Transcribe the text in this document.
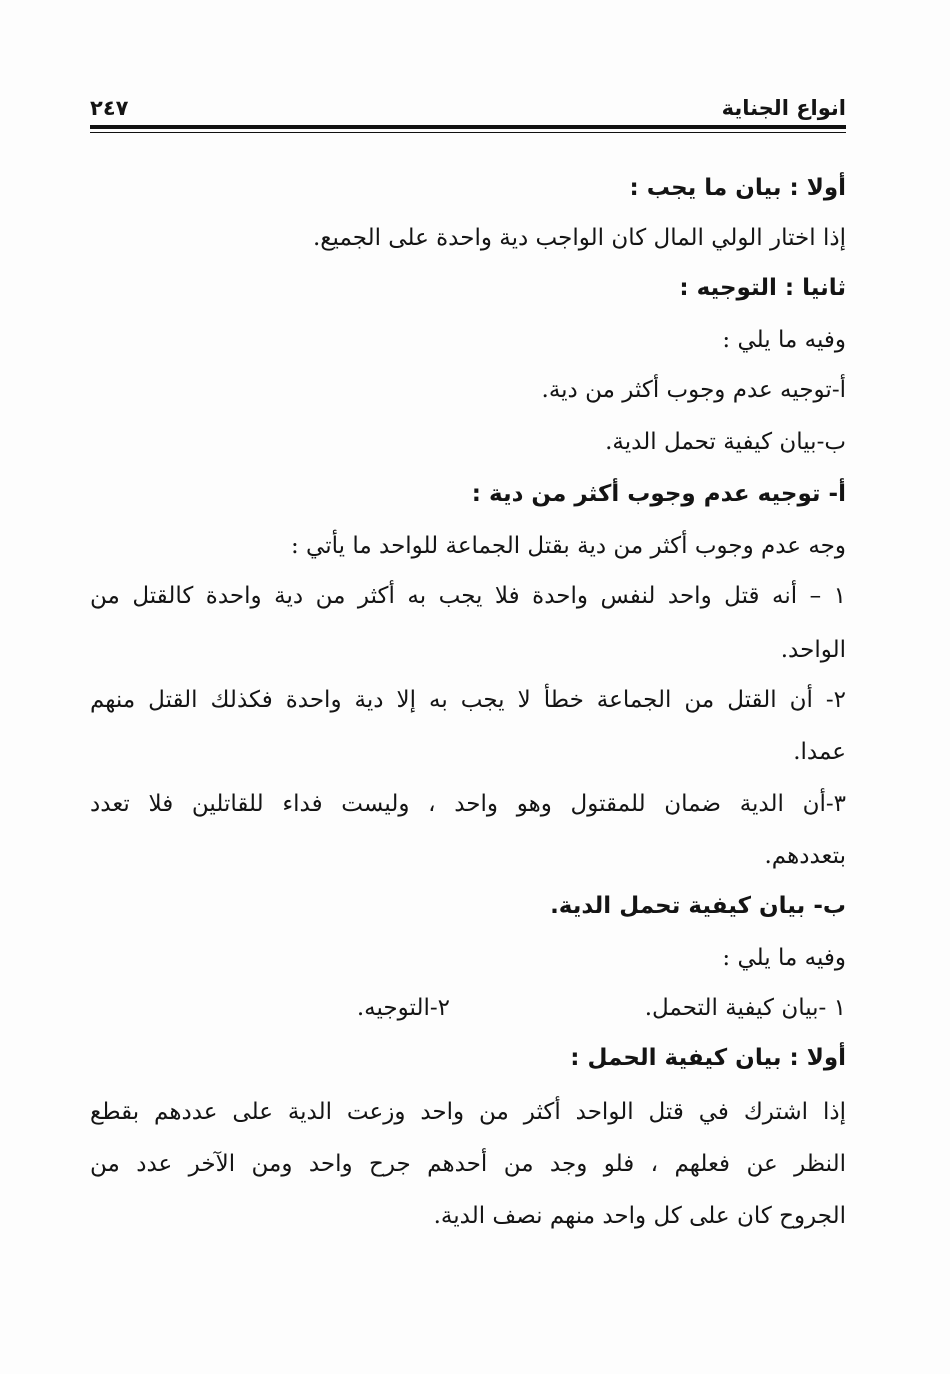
انواع الجناية
٢٤٧
أولا : بيان ما يجب :
إذا اختار الولي المال كان الواجب دية واحدة على الجميع.
ثانيا : التوجيه :
وفيه ما يلي :
أ-توجيه عدم وجوب أكثر من دية.
ب-بيان كيفية تحمل الدية.
أ- توجيه عدم وجوب أكثر من دية :
وجه عدم وجوب أكثر من دية بقتل الجماعة للواحد ما يأتي :
١ – أنه قتل واحد لنفس واحدة فلا يجب به أكثر من دية واحدة كالقتل من
الواحد.
٢- أن القتل من الجماعة خطأ لا يجب به إلا دية واحدة فكذلك القتل منهم
عمدا.
٣-أن الدية ضمان للمقتول وهو واحد ، وليست فداء للقاتلين فلا تعدد
بتعددهم.
ب- بيان كيفية تحمل الدية.
وفيه ما يلي :
١ -بيان كيفية التحمل.
٢-التوجيه.
أولا : بيان كيفية الحمل :
إذا اشترك في قتل الواحد أكثر من واحد وزعت الدية على عددهم بقطع
النظر عن فعلهم ، فلو وجد من أحدهم جرح واحد ومن الآخر عدد من
الجروح كان على كل واحد منهم نصف الدية.
